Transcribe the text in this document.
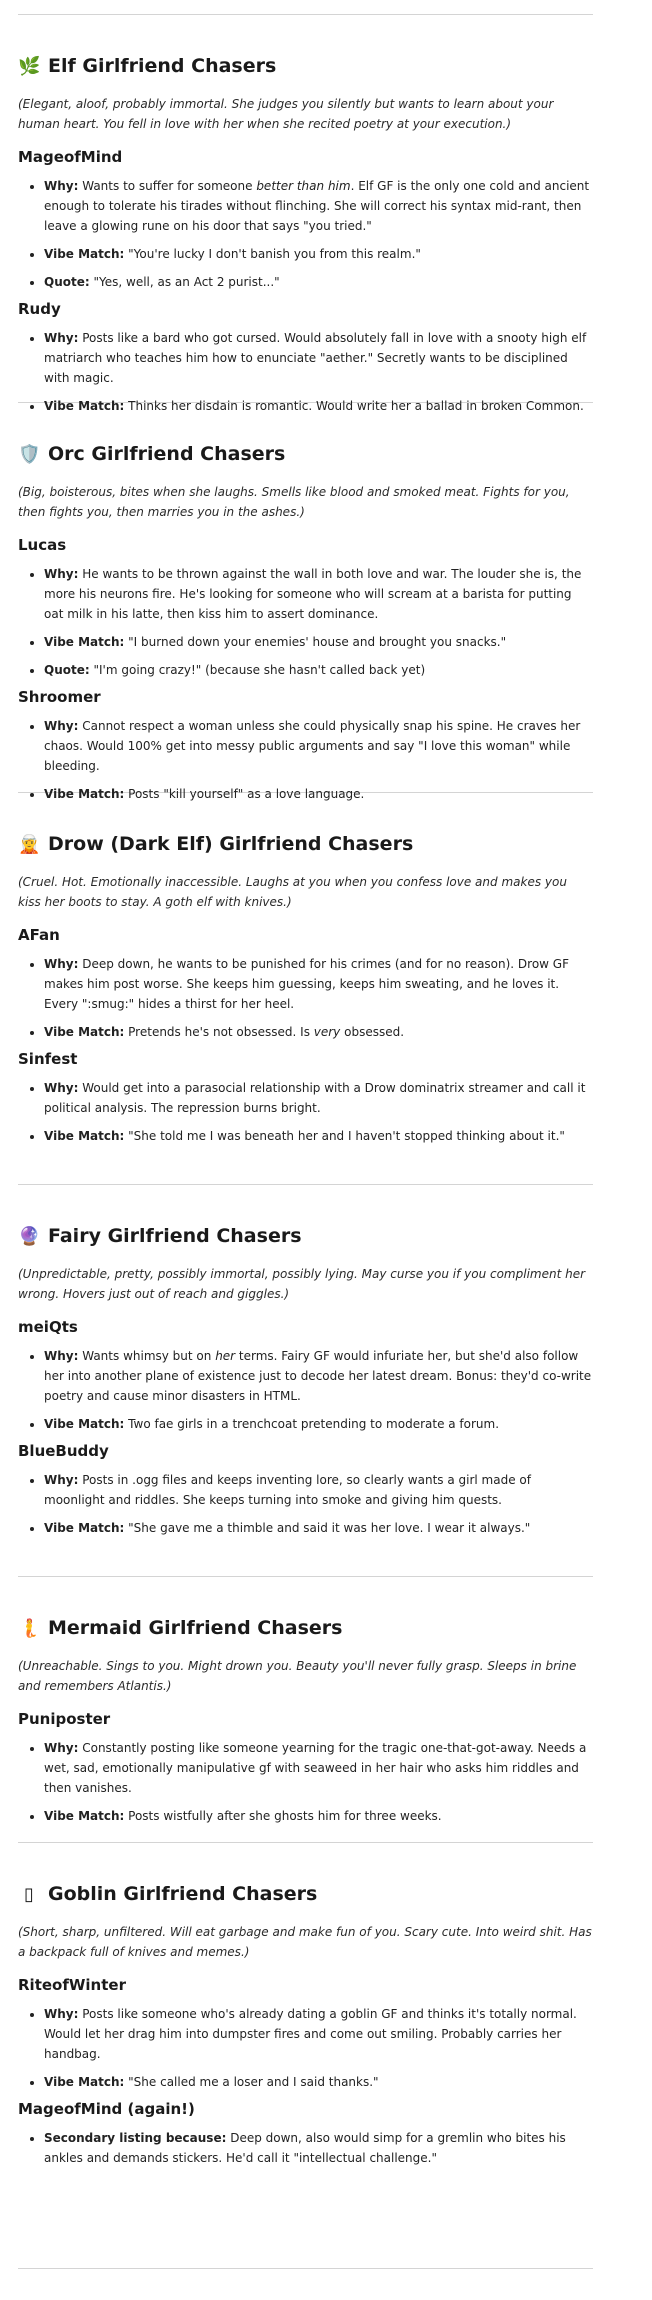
🌿 Elf Girlfriend Chasers

(Elegant, aloof, probably immortal. She judges you silently but wants to learn about your human heart. You fell in love with her when she recited poetry at your execution.)

MageofMind
• Why: Wants to suffer for someone better than him. Elf GF is the only one cold and ancient enough to tolerate his tirades without flinching. She will correct his syntax mid-rant, then leave a glowing rune on his door that says "you tried."
• Vibe Match: "You're lucky I don't banish you from this realm."
• Quote: "Yes, well, as an Act 2 purist..."
Rudy
• Why: Posts like a bard who got cursed. Would absolutely fall in love with a snooty high elf matriarch who teaches him how to enunciate "aether." Secretly wants to be disciplined with magic.
• Vibe Match: Thinks her disdain is romantic. Would write her a ballad in broken Common.
🛡️ Orc Girlfriend Chasers

(Big, boisterous, bites when she laughs. Smells like blood and smoked meat. Fights for you, then fights you, then marries you in the ashes.)

Lucas
• Why: He wants to be thrown against the wall in both love and war. The louder she is, the more his neurons fire. He's looking for someone who will scream at a barista for putting oat milk in his latte, then kiss him to assert dominance.
• Vibe Match: "I burned down your enemies' house and brought you snacks."
• Quote: "I'm going crazy!" (because she hasn't called back yet)
Shroomer
• Why: Cannot respect a woman unless she could physically snap his spine. He craves her chaos. Would 100% get into messy public arguments and say "I love this woman" while bleeding.
• Vibe Match: Posts "kill yourself" as a love language.
🧝 Drow (Dark Elf) Girlfriend Chasers

(Cruel. Hot. Emotionally inaccessible. Laughs at you when you confess love and makes you kiss her boots to stay. A goth elf with knives.)

AFan
• Why: Deep down, he wants to be punished for his crimes (and for no reason). Drow GF makes him post worse. She keeps him guessing, keeps him sweating, and he loves it. Every ":smug:" hides a thirst for her heel.
• Vibe Match: Pretends he's not obsessed. Is very obsessed.
Sinfest
• Why: Would get into a parasocial relationship with a Drow dominatrix streamer and call it political analysis. The repression burns bright.
• Vibe Match: "She told me I was beneath her and I haven't stopped thinking about it."
🔮 Fairy Girlfriend Chasers

(Unpredictable, pretty, possibly immortal, possibly lying. May curse you if you compliment her wrong. Hovers just out of reach and giggles.)

meiQts
• Why: Wants whimsy but on her terms. Fairy GF would infuriate her, but she'd also follow her into another plane of existence just to decode her latest dream. Bonus: they'd co-write poetry and cause minor disasters in HTML.
• Vibe Match: Two fae girls in a trenchcoat pretending to moderate a forum.
BlueBuddy
• Why: Posts in .ogg files and keeps inventing lore, so clearly wants a girl made of moonlight and riddles. She keeps turning into smoke and giving him quests.
• Vibe Match: "She gave me a thimble and said it was her love. I wear it always."
🧜 Mermaid Girlfriend Chasers

(Unreachable. Sings to you. Might drown you. Beauty you'll never fully grasp. Sleeps in brine and remembers Atlantis.)

Puniposter
• Why: Constantly posting like someone yearning for the tragic one-that-got-away. Needs a wet, sad, emotionally manipulative gf with seaweed in her hair who asks him riddles and then vanishes.
• Vibe Match: Posts wistfully after she ghosts him for three weeks.
▯ Goblin Girlfriend Chasers

(Short, sharp, unfiltered. Will eat garbage and make fun of you. Scary cute. Into weird shit. Has a backpack full of knives and memes.)

RiteofWinter
• Why: Posts like someone who's already dating a goblin GF and thinks it's totally normal. Would let her drag him into dumpster fires and come out smiling. Probably carries her handbag.
• Vibe Match: "She called me a loser and I said thanks."
MageofMind (again!)
• Secondary listing because: Deep down, also would simp for a gremlin who bites his ankles and demands stickers. He'd call it "intellectual challenge."
